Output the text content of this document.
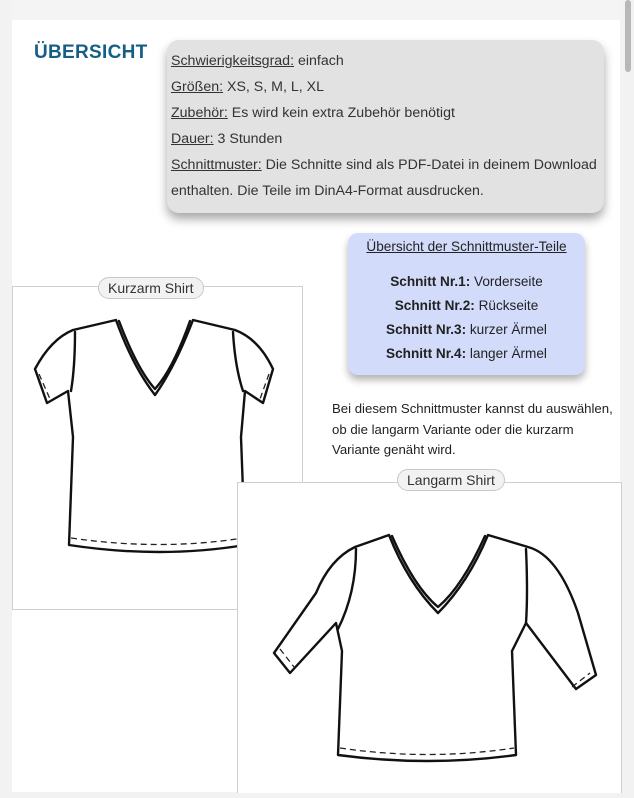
ÜBERSICHT Schwierigkeitsgrad: einfach
Größen: XS, S, M, L, XL
Zubehör: Es wird kein extra Zubehör benötigt
Dauer: 3 Stunden
Schnittmuster: Die Schnitte sind als PDF-Datei in deinem Download
enthalten. Die Teile im DinA4-Format ausdrucken.
Übersicht der Schnittmuster-Teile
Schnitt Nr.1: Vorderseite
Schnitt Nr.2: Rückseite
Schnitt Nr.3: kurzer Ärmel
Schnitt Nr.4: langer Ärmel
Bei diesem Schnittmuster kannst du auswählen, ob die langarm Variante oder die kurzarm Variante genäht wird.
Kurzarm Shirt
Langarm Shirt
